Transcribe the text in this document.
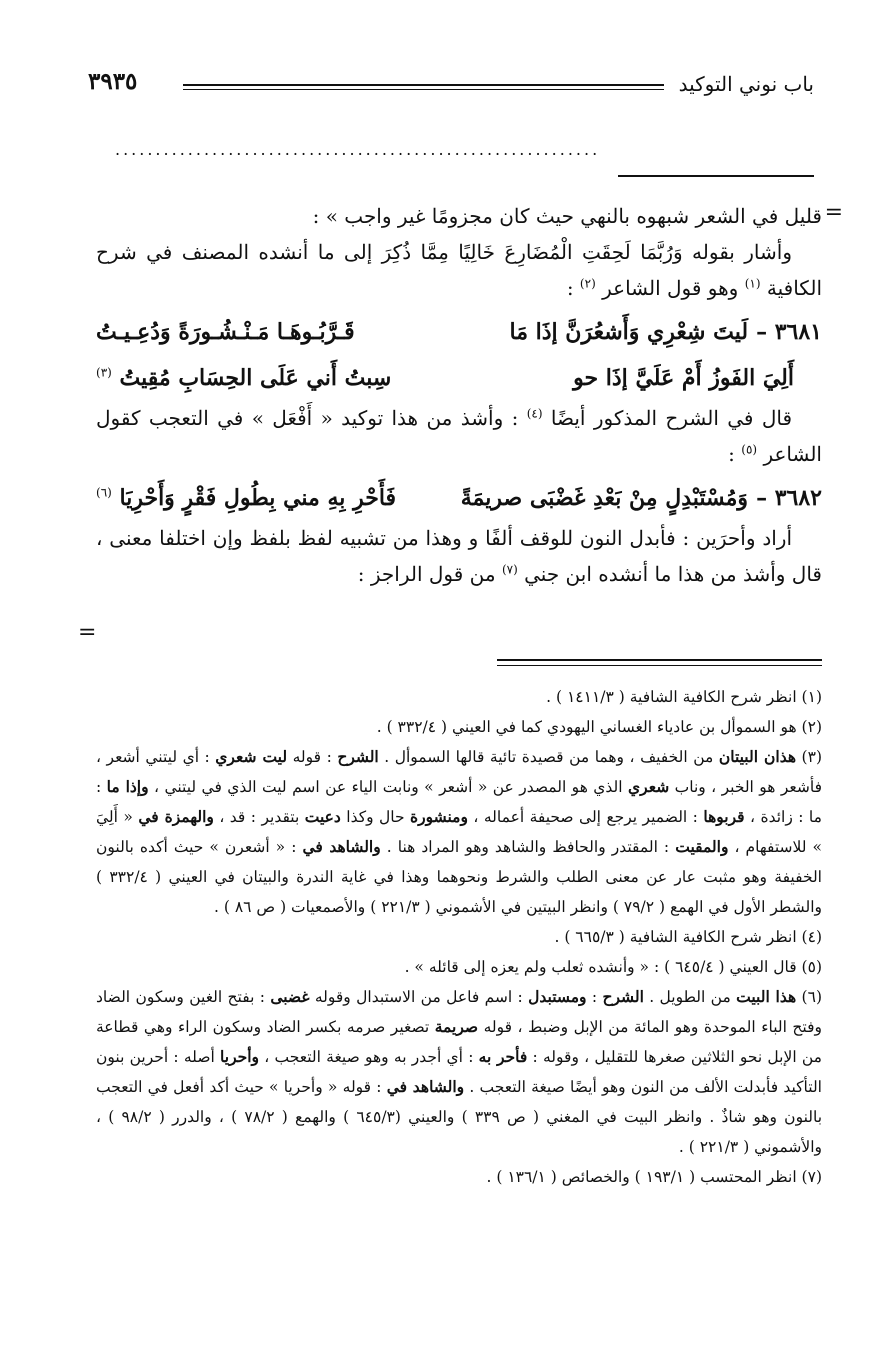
باب نوني التوكيد
٣٩٣٥
............................................................
=
=

قليل في الشعر شبهوه بالنهي حيث كان مجزومًا غير واجب » :

وأشار بقوله وَرُبَّمَا لَحِقَتِ الْمُضَارِعَ خَالِيًا مِمَّا ذُكِرَ إلى ما أنشده المصنف في شرح الكافية $^{(١)}$ وهو قول الشاعر $^{(٢)}$ :

٣٦٨١ –لَيتَ شِعْرِي وَأَشعُرَنَّ إذَا مَا
قَـرَّبُـوهَـا مَـنْـشُـورَةً وَدُعِـيـتُ
أَلِيَ الفَوزُ أَمْ عَلَيَّ إذَا حو
سِبتُ أَني عَلَى الحِسَابِ مُقِيتُ $^{(٣)}$

قال في الشرح المذكور أيضًا $^{(٤)}$ : وأشذ من هذا توكيد « أَفْعَل » في التعجب كقول الشاعر $^{(٥)}$ :

٣٦٨٢ –وَمُسْتَبْدِلٍ مِنْ بَعْدِ غَضْبَى صريمَةً
فَأَحْرِ بِهِ مني بِطُولِ فَقْرٍ وَأَحْرِيَا $^{(٦)}$

أراد وأحرَين : فأبدل النون للوقف ألفًا و وهذا من تشبيه لفظ بلفظ وإن اختلفا معنى ، قال وأشذ من هذا ما أنشده ابن جني $^{(٧)}$ من قول الراجز :

(١) انظر شرح الكافية الشافية ( ١٤١١/٣ ) .

(٢) هو السموأل بن عادياء الغساني اليهودي كما في العيني ( ٣٣٢/٤ ) .

(٣) هذان البيتان من الخفيف ، وهما من قصيدة تائية قالها السموأل . الشرح : قوله ليت شعري : أي ليتني أشعر ، فأشعر هو الخبر ، وناب شعري الذي هو المصدر عن « أشعر » ونابت الياء عن اسم ليت الذي في ليتني ، وإذا ما : ما : زائدة ، قربوها : الضمير يرجع إلى صحيفة أعماله ، ومنشورة حال وكذا دعيت بتقدير : قد ، والهمزة في « أَلِيَ » للاستفهام ، والمقيت : المقتدر والحافظ والشاهد وهو المراد هنا . والشاهد في : « أشعرن » حيث أكده بالنون الخفيفة وهو مثبت عار عن معنى الطلب والشرط ونحوهما وهذا في غاية الندرة والبيتان في العيني ( ٣٣٢/٤ ) والشطر الأول في الهمع ( ٧٩/٢ ) وانظر البيتين في الأشموني ( ٢٢١/٣ ) والأصمعيات ( ص ٨٦ ) .

(٤) انظر شرح الكافية الشافية ( ٦٦٥/٣ ) .

(٥) قال العيني ( ٦٤٥/٤ ) : « وأنشده ثعلب ولم يعزه إلى قائله » .

(٦) هذا البيت من الطويل . الشرح : ومستبدل : اسم فاعل من الاستبدال وقوله غضبى : بفتح الغين وسكون الضاد وفتح الباء الموحدة وهو المائة من الإبل وضبط ، قوله صريمة تصغير صرمه بكسر الضاد وسكون الراء وهي قطاعة من الإبل نحو الثلاثين صغرها للتقليل ، وقوله : فأحر به : أي أجدر به وهو صيغة التعجب ، وأحريا أصله : أحرين بنون التأكيد فأبدلت الألف من النون وهو أيضًا صيغة التعجب . والشاهد في : قوله « وأحريا » حيث أكد أفعل في التعجب بالنون وهو شاذٌ . وانظر البيت في المغني ( ص ٣٣٩ ) والعيني (٦٤٥/٣ ) والهمع ( ٧٨/٢ ) ، والدرر ( ٩٨/٢ ) ، والأشموني ( ٢٢١/٣ ) .

(٧) انظر المحتسب ( ١٩٣/١ ) والخصائص ( ١٣٦/١ ) .
